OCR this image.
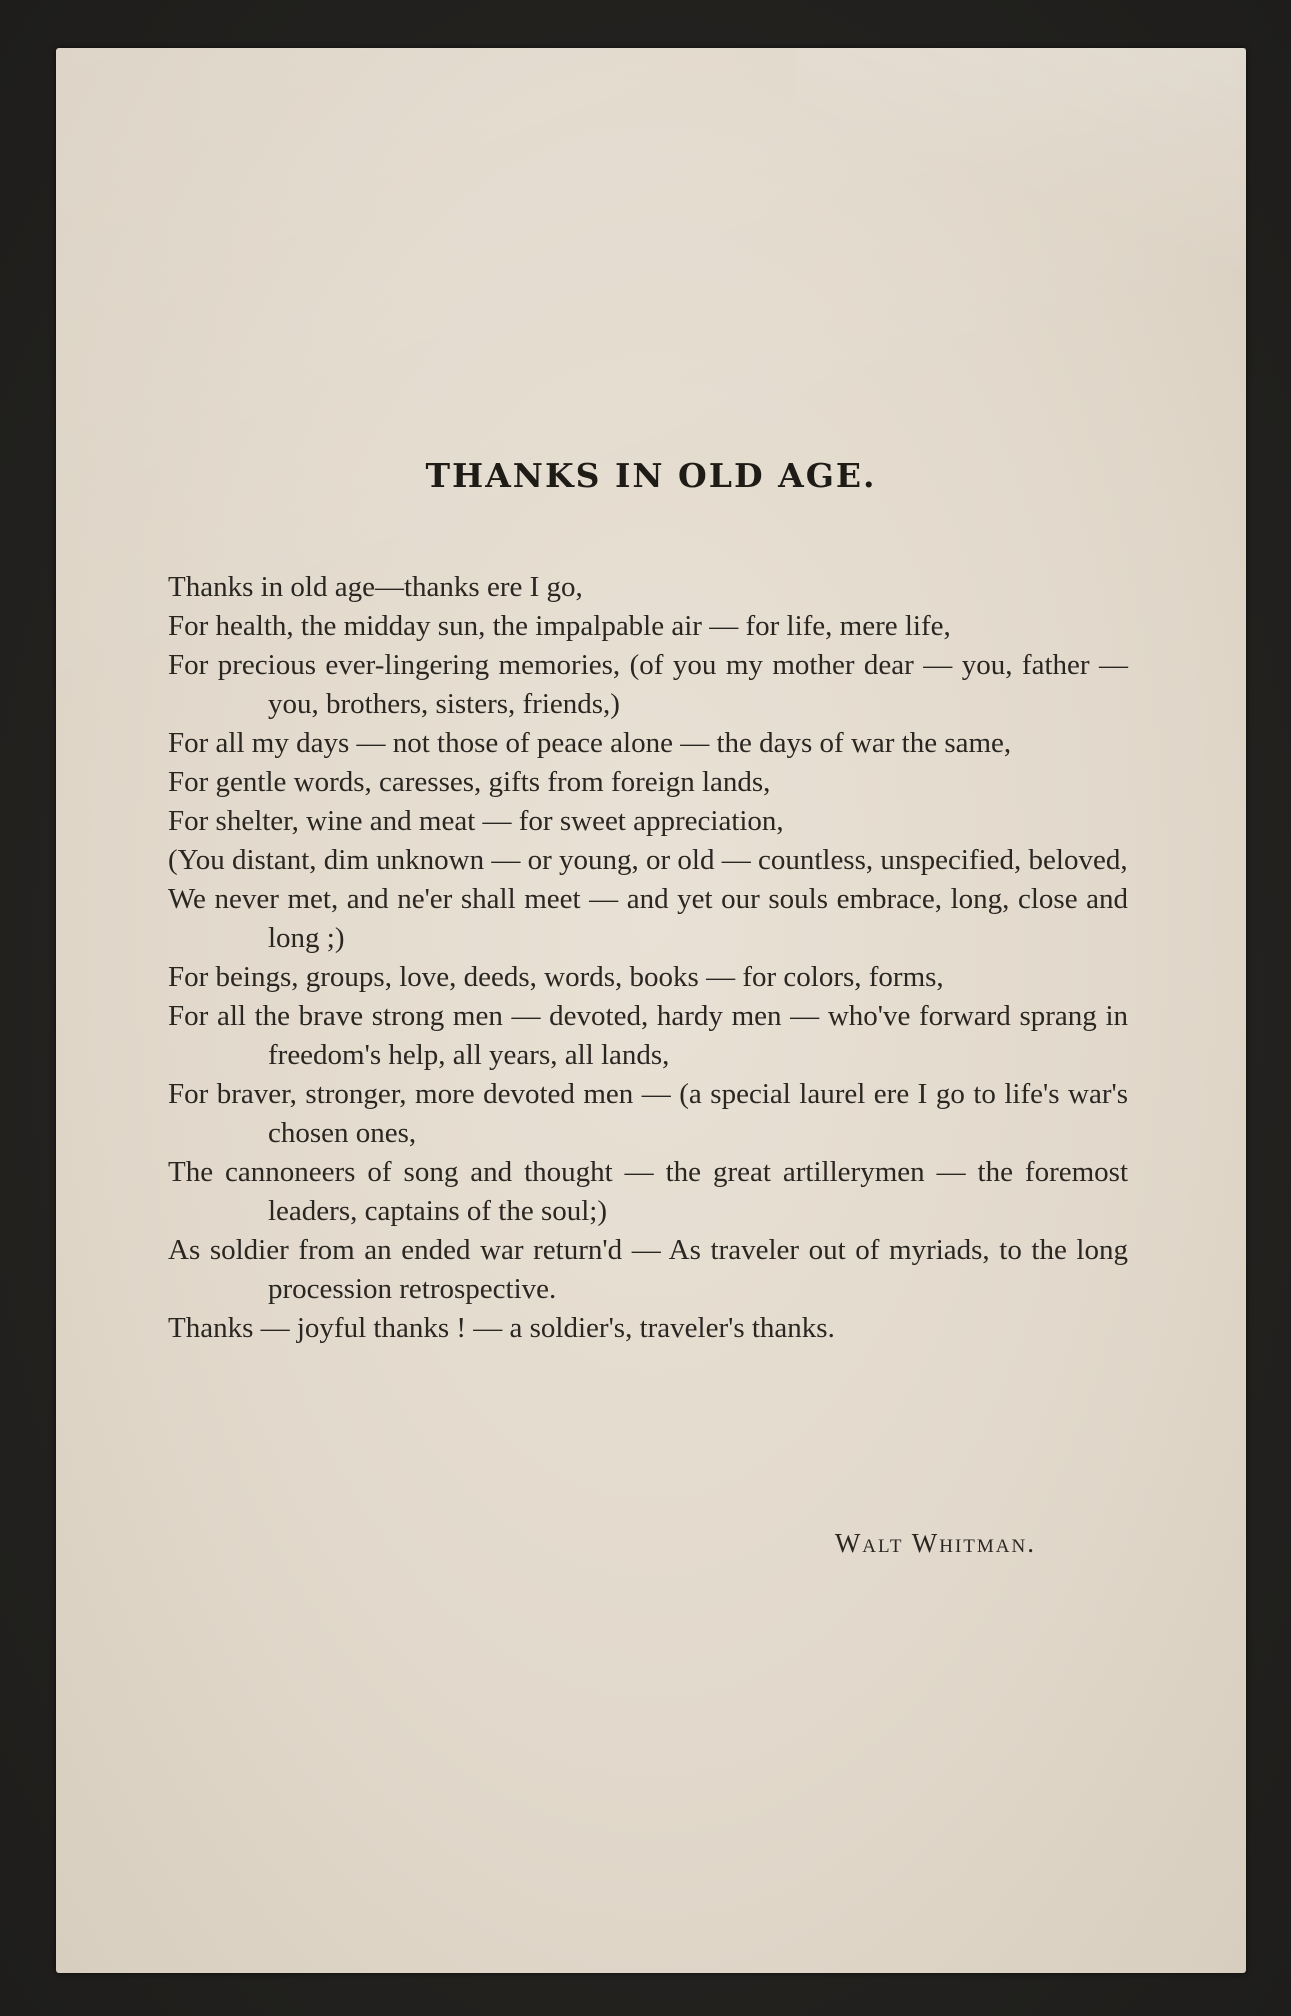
THANKS IN OLD AGE.

Thanks in old age—thanks ere I go,

For health, the midday sun, the impalpable air — for life, mere life,

For precious ever-lingering memories, (of you my mother dear — you, father — you, brothers, sisters, friends,)

For all my days — not those of peace alone — the days of war the same,

For gentle words, caresses, gifts from foreign lands,

For shelter, wine and meat — for sweet appreciation,

(You distant, dim unknown — or young, or old — countless, unspecified, beloved,

We never met, and ne'er shall meet — and yet our souls embrace, long, close and long ;)

For beings, groups, love, deeds, words, books — for colors, forms,

For all the brave strong men — devoted, hardy men — who've forward sprang in freedom's help, all years, all lands,

For braver, stronger, more devoted men — (a special laurel ere I go to life's war's chosen ones,

The cannoneers of song and thought — the great artillerymen — the foremost leaders, captains of the soul;)

As soldier from an ended war return'd — As traveler out of myriads, to the long procession retrospective.

Thanks — joyful thanks ! — a soldier's, traveler's thanks.

Walt Whitman.
